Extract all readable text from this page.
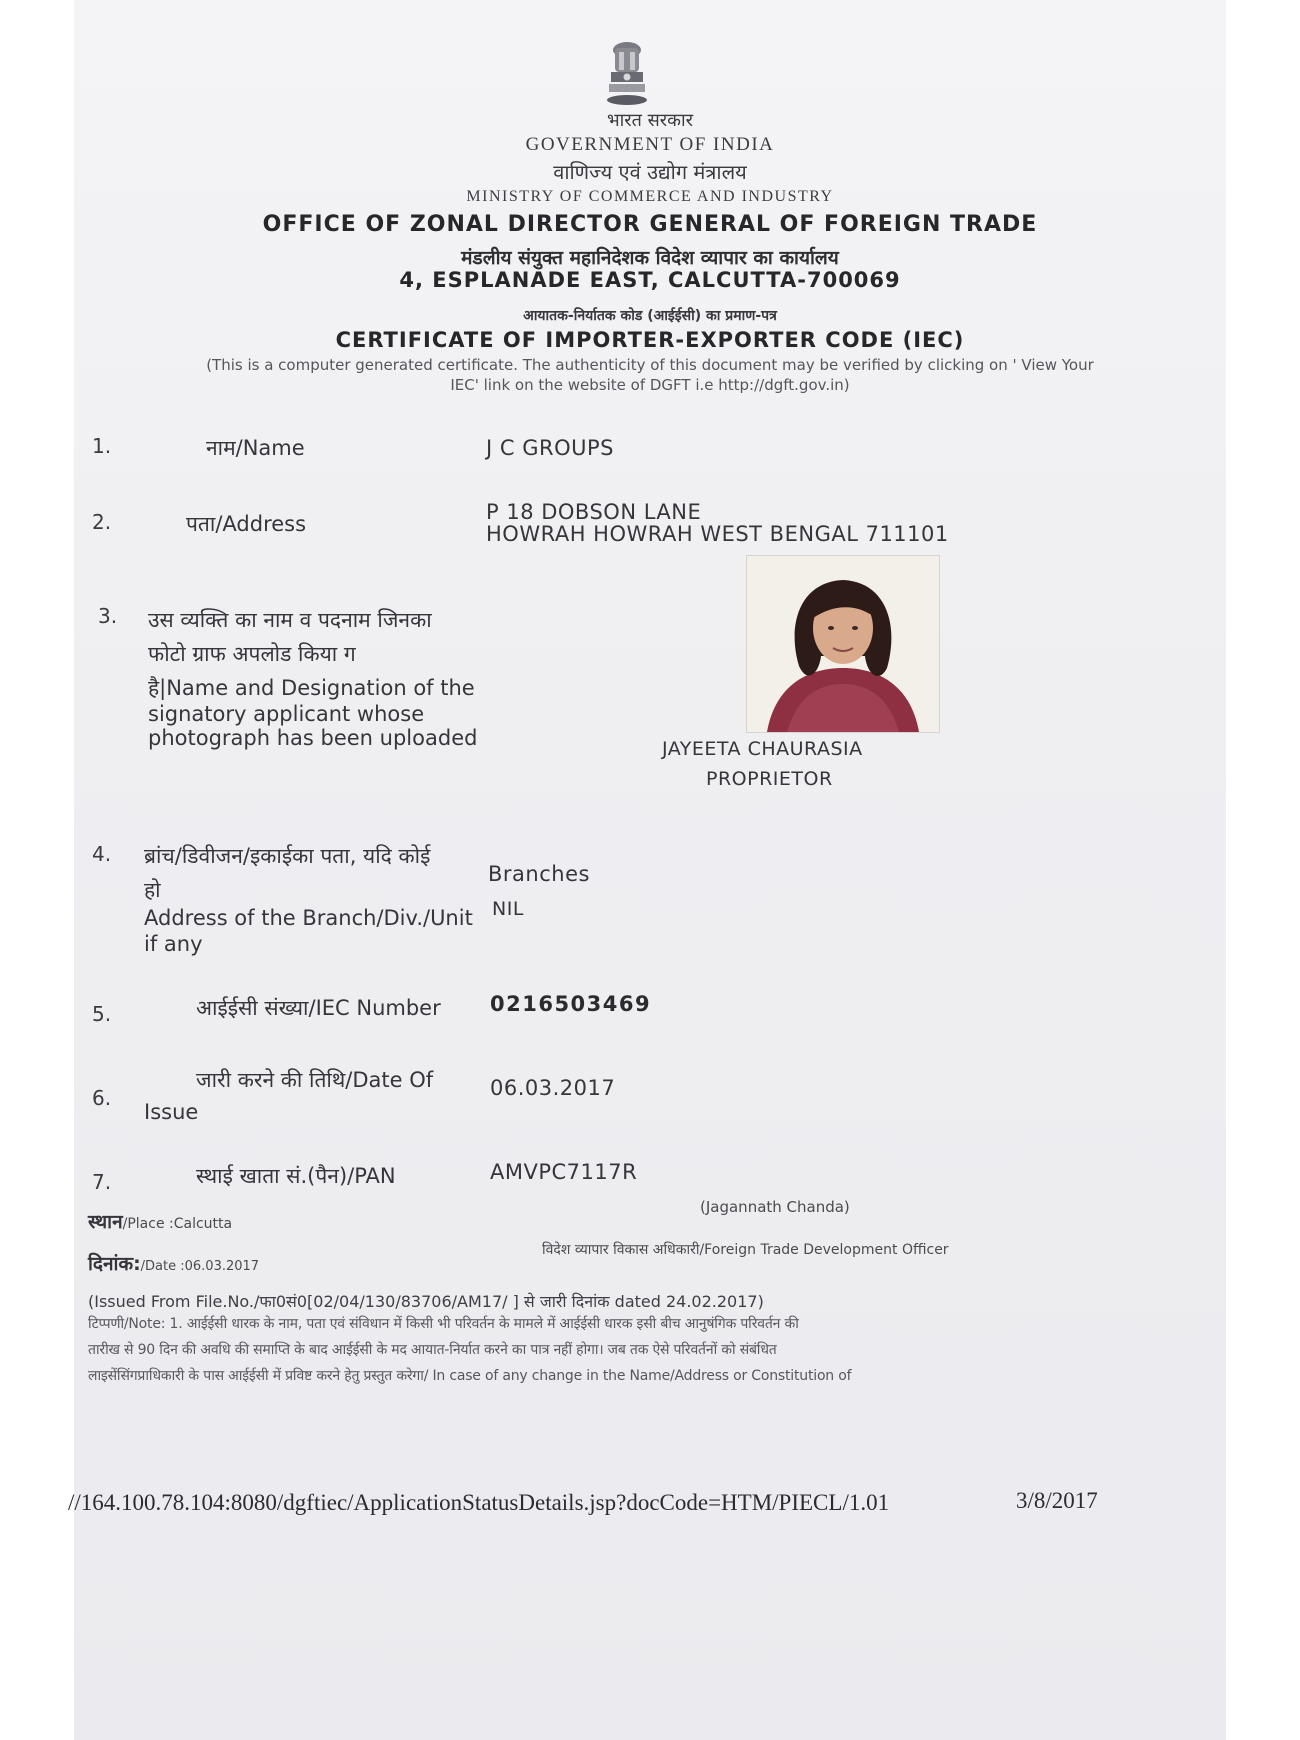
भारत सरकार
GOVERNMENT OF INDIA
वाणिज्य एवं उद्योग मंत्रालय
MINISTRY OF COMMERCE AND INDUSTRY
OFFICE OF ZONAL DIRECTOR GENERAL OF FOREIGN TRADE
मंडलीय संयुक्त महानिदेशक विदेश व्यापार का कार्यालय
4, ESPLANADE EAST, CALCUTTA-700069
आयातक-निर्यातक कोड (आईईसी) का प्रमाण-पत्र
CERTIFICATE OF IMPORTER-EXPORTER CODE (IEC)
(This is a computer generated certificate. The authenticity of this document may be verified by clicking on ' View Your
IEC' link on the website of DGFT i.e http://dgft.gov.in)
1.	नाम/Name	J C GROUPS
2.	पता/Address	P 18 DOBSON LANE
HOWRAH HOWRAH WEST BENGAL 711101
3. उस व्यक्ति का नाम व पदनाम जिनका
फोटो ग्राफ अपलोड किया ग
है|Name and Designation of the
signatory applicant whose
photograph has been uploaded	JAYEETA CHAURASIA
PROPRIETOR
4. ब्रांच/डिवीजन/इकाईका पता, यदि कोई
हो
Address of the Branch/Div./Unit
if any
Branches
NIL
5.	आईईसी संख्या/IEC Number 0216503469
6.
जारी करने की तिथि/Date Of
Issue
06.03.2017
7.	स्थाई खाता सं.(पैन)/PAN	AMVPC7117R
स्थान/Place :Calcutta
(Jagannath Chanda)
दिनांक:/Date :06.03.2017
विदेश व्यापार विकास अधिकारी/Foreign Trade Development Officer
(Issued From File.No./फा0सं0[02/04/130/83706/AM17/ ] से जारी दिनांक dated 24.02.2017)
टिप्पणी/Note: 1. आईईसी धारक के नाम, पता एवं संविधान में किसी भी परिवर्तन के मामले में आईईसी धारक इसी बीच आनुषंगिक परिवर्तन की
तारीख से 90 दिन की अवधि की समाप्ति के बाद आईईसी के मद आयात-निर्यात करने का पात्र नहीं होगा। जब तक ऐसे परिवर्तनों को संबंधित
लाइसेंसिंगप्राधिकारी के पास आईईसी में प्रविष्ट करने हेतु प्रस्तुत करेगा/ In case of any change in the Name/Address or Constitution of
//164.100.78.104:8080/dgftiec/ApplicationStatusDetails.jsp?docCode=HTM/PIECL/1.01	3/8/2017
